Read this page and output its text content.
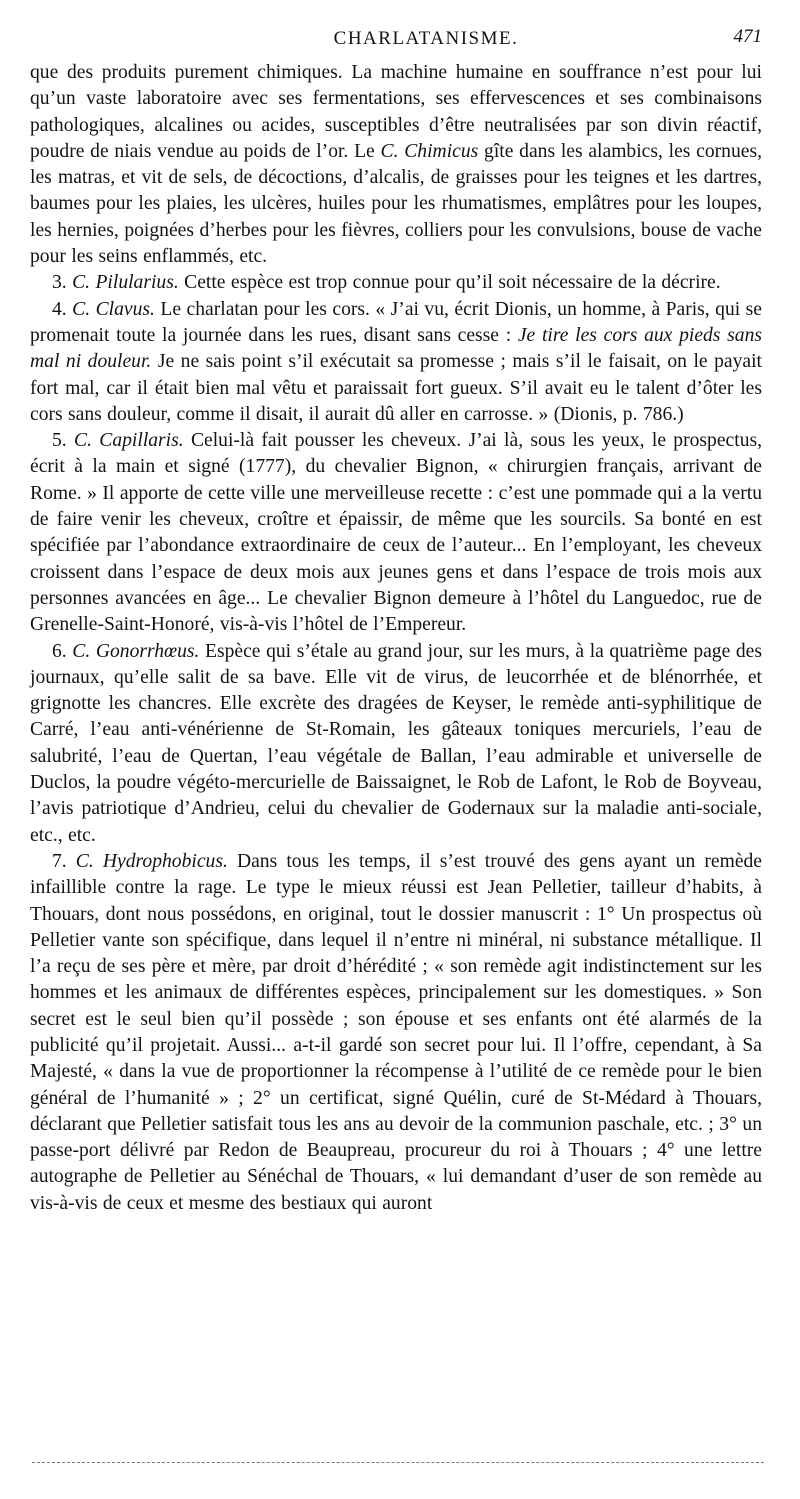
CHARLATANISME.	471

que des produits purement chimiques. La machine humaine en souffrance n’est pour lui qu’un vaste laboratoire avec ses fermentations, ses effervescences et ses combinaisons pathologiques, alcalines ou acides, susceptibles d’être neutralisées par son divin réactif, poudre de niais vendue au poids de l’or. Le C. Chimicus gîte dans les alambics, les cornues, les matras, et vit de sels, de décoctions, d’alcalis, de graisses pour les teignes et les dartres, baumes pour les plaies, les ulcères, huiles pour les rhumatismes, emplâtres pour les loupes, les hernies, poignées d’herbes pour les fièvres, colliers pour les convulsions, bouse de vache pour les seins enflammés, etc.

3. C. Pilularius. Cette espèce est trop connue pour qu’il soit nécessaire de la décrire.

4. C. Clavus. Le charlatan pour les cors. « J’ai vu, écrit Dionis, un homme, à Paris, qui se promenait toute la journée dans les rues, disant sans cesse : Je tire les cors aux pieds sans mal ni douleur. Je ne sais point s’il exécutait sa promesse ; mais s’il le faisait, on le payait fort mal, car il était bien mal vêtu et paraissait fort gueux. S’il avait eu le talent d’ôter les cors sans douleur, comme il disait, il aurait dû aller en carrosse. » (Dionis, p. 786.)

5. C. Capillaris. Celui-là fait pousser les cheveux. J’ai là, sous les yeux, le prospectus, écrit à la main et signé (1777), du chevalier Bignon, « chirurgien français, arrivant de Rome. » Il apporte de cette ville une merveilleuse recette : c’est une pommade qui a la vertu de faire venir les cheveux, croître et épaissir, de même que les sourcils. Sa bonté en est spécifiée par l’abondance extraordinaire de ceux de l’auteur... En l’employant, les cheveux croissent dans l’espace de deux mois aux jeunes gens et dans l’espace de trois mois aux personnes avancées en âge... Le chevalier Bignon demeure à l’hôtel du Languedoc, rue de Grenelle-Saint-Honoré, vis-à-vis l’hôtel de l’Empereur.

6. C. Gonorrhœus. Espèce qui s’étale au grand jour, sur les murs, à la quatrième page des journaux, qu’elle salit de sa bave. Elle vit de virus, de leucorrhée et de blénorrhée, et grignotte les chancres. Elle excrète des dragées de Keyser, le remède anti-syphilitique de Carré, l’eau anti-vénérienne de St-Romain, les gâteaux toniques mercuriels, l’eau de salubrité, l’eau de Quertan, l’eau végétale de Ballan, l’eau admirable et universelle de Duclos, la poudre végéto-mercurielle de Baissaignet, le Rob de Lafont, le Rob de Boyveau, l’avis patriotique d’Andrieu, celui du chevalier de Godernaux sur la maladie anti-sociale, etc., etc.

7. C. Hydrophobicus. Dans tous les temps, il s’est trouvé des gens ayant un remède infaillible contre la rage. Le type le mieux réussi est Jean Pelletier, tailleur d’habits, à Thouars, dont nous possédons, en original, tout le dossier manuscrit : 1° Un prospectus où Pelletier vante son spécifique, dans lequel il n’entre ni minéral, ni substance métallique. Il l’a reçu de ses père et mère, par droit d’hérédité ; « son remède agit indistinctement sur les hommes et les animaux de différentes espèces, principalement sur les domestiques. » Son secret est le seul bien qu’il possède ; son épouse et ses enfants ont été alarmés de la publicité qu’il projetait. Aussi... a-t-il gardé son secret pour lui. Il l’offre, cependant, à Sa Majesté, « dans la vue de proportionner la récompense à l’utilité de ce remède pour le bien général de l’humanité » ; 2° un certificat, signé Quélin, curé de St-Médard à Thouars, déclarant que Pelletier satisfait tous les ans au devoir de la communion paschale, etc. ; 3° un passe-port délivré par Redon de Beaupreau, procureur du roi à Thouars ; 4° une lettre autographe de Pelletier au Sénéchal de Thouars, « lui demandant d’user de son remède au vis-à-vis de ceux et mesme des bestiaux qui auront
